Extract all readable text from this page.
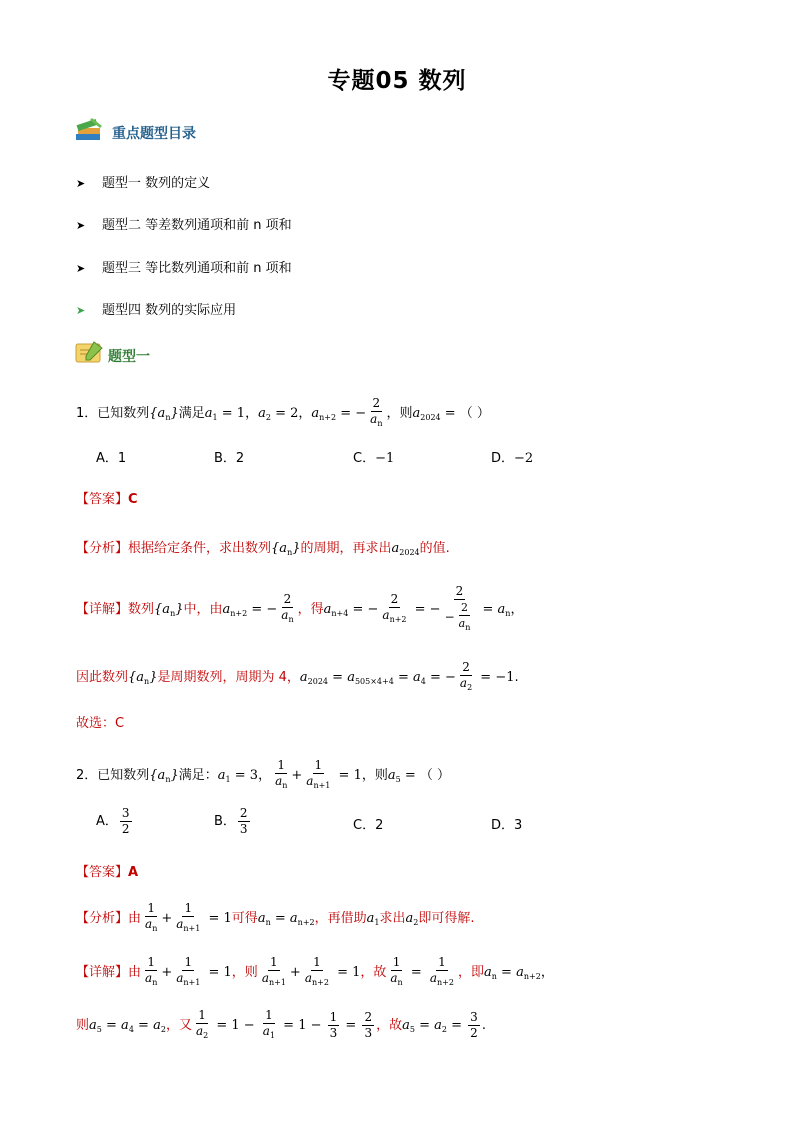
专题05 数列
重点题型目录
➤ 题型一 数列的定义
➤ 题型二 等差数列通项和前 n 项和
➤ 题型三 等比数列通项和前 n 项和
➤ 题型四 数列的实际应用
题型一
1．已知数列$\{a_n\}$满足$a_1 = 1$，$a_2 = 2$，$a_{n+2}$ = − $\frac{2}{a_n}$ ，则$a_{2024}$ = （ ）
A．1	B．2	C．−1	D．−2
【答案】C
【分析】根据给定条件，求出数列$\{a_n\}$的周期，再求出$a_{2024}$的值.
【详解】数列$\{a_n\}$中，由$a_{n+2}$ = − $\frac{2}{a_n}$ ，得$a_{n+4}$ = − $\frac{2}{a_{n+2}}$ = − $\frac{2}{- \frac{2}{a_n}} = a_n$，
因此数列$\{a_n\}$是周期数列，周期为 4，$a_{2024} = a_{505\times 4+4} = a_4$ = − $\frac{2}{a_2} = -1$.
故选：C
2．已知数列$\{a_n\}$满足：$a_1 = 3$， $\frac{1}{a_n} + \frac{1}{a_{n+1}} = 1$，则$a_5$ = （ ）
A． $\frac{3}{2}$	B． $\frac{2}{3}$	C．2	D．3
【答案】A
【分析】由 $\frac{1}{a_n} + \frac{1}{a_{n+1}} = 1$可得$a_n = a_{n+2}$，再借助$a_1$求出$a_2$即可得解.
【详解】由 $\frac{1}{a_n} + \frac{1}{a_{n+1}} = 1$，则 $\frac{1}{a_{n+1}} + \frac{1}{a_{n+2}} = 1$，故 $\frac{1}{a_n} = \frac{1}{a_{n+2}}$ ，即$a_n = a_{n+2}$，
则$a_5 = a_4 = a_2$，又 $\frac{1}{a_2} = 1 - \frac{1}{a_1} = 1 - \frac{1}{3} = \frac{2}{3}$ ，故$a_5 = a_2 = \frac{3}{2}$ .
